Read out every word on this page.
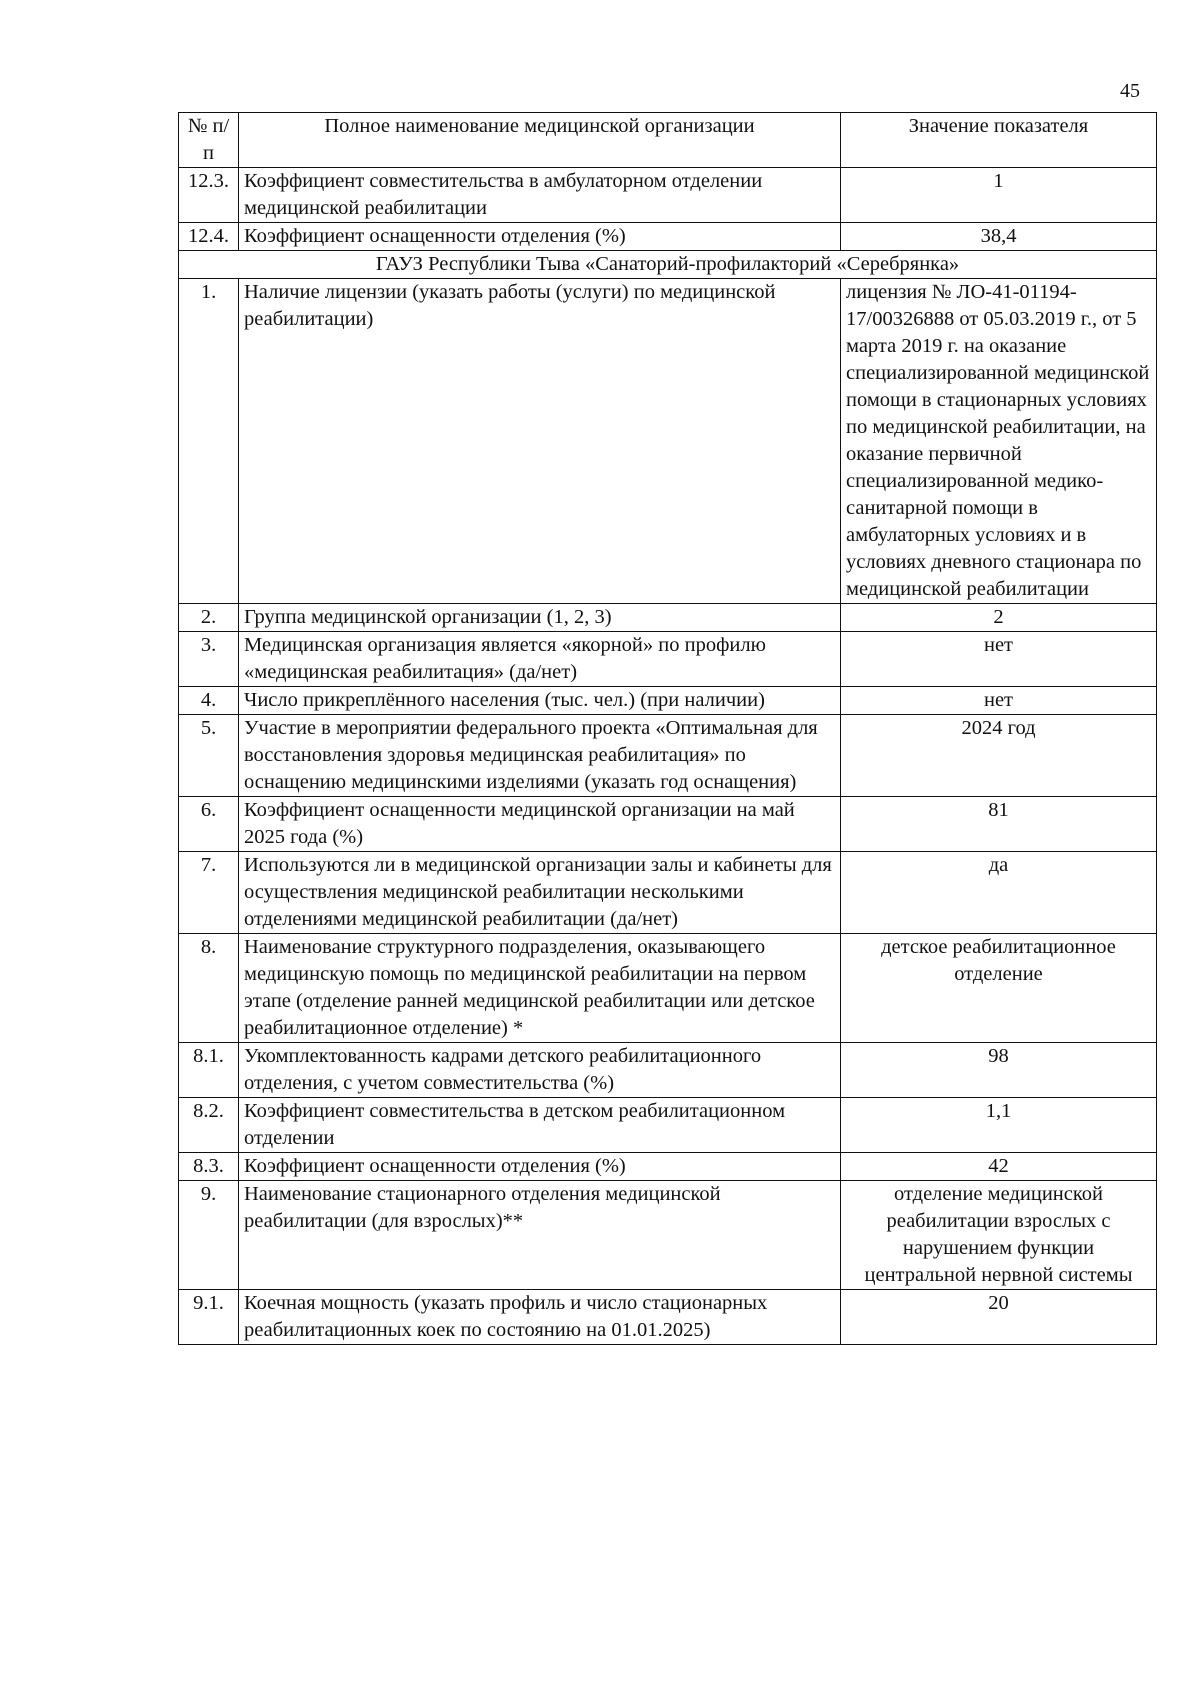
45
№ п/п	Полное наименование медицинской организации	Значение показателя
12.3.	Коэффициент совместительства в амбулаторном отделении медицинской реабилитации	1
12.4.	Коэффициент оснащенности отделения (%)	38,4
ГАУЗ Республики Тыва «Санаторий-профилакторий «Серебрянка»		
1.	Наличие лицензии (указать работы (услуги) по медицинской реабилитации)	лицензия № ЛО-41-01194-17/00326888 от 05.03.2019 г., от 5 марта 2019 г. на оказание специализированной медицинской помощи в стационарных условиях по медицинской реабилитации, на оказание первичной специализированной медико-санитарной помощи в амбулаторных условиях и в условиях дневного стационара по медицинской реабилитации
2.	Группа медицинской организации (1, 2, 3)	2
3.	Медицинская организация является «якорной» по профилю «медицинская реабилитация» (да/нет)	нет
4.	Число прикреплённого населения (тыс. чел.) (при наличии)	нет
5.	Участие в мероприятии федерального проекта «Оптимальная для восстановления здоровья медицинская реабилитация» по оснащению медицинскими изделиями (указать год оснащения)	2024 год
6.	Коэффициент оснащенности медицинской организации на май 2025 года (%)	81
7.	Используются ли в медицинской организации залы и кабинеты для осуществления медицинской реабилитации несколькими отделениями медицинской реабилитации (да/нет)	да
8.	Наименование структурного подразделения, оказывающего медицинскую помощь по медицинской реабилитации на первом этапе (отделение ранней медицинской реабилитации или детское реабилитационное отделение) *	детское реабилитационное отделение
8.1.	Укомплектованность кадрами детского реабилитационного отделения, с учетом совместительства (%)	98
8.2.	Коэффициент совместительства в детском реабилитационном отделении	1,1
8.3.	Коэффициент оснащенности отделения (%)	42
9.	Наименование стационарного отделения медицинской реабилитации (для взрослых)**	отделение медицинской реабилитации взрослых с нарушением функции центральной нервной системы
9.1.	Коечная мощность (указать профиль и число стационарных реабилитационных коек по состоянию на 01.01.2025)	20
